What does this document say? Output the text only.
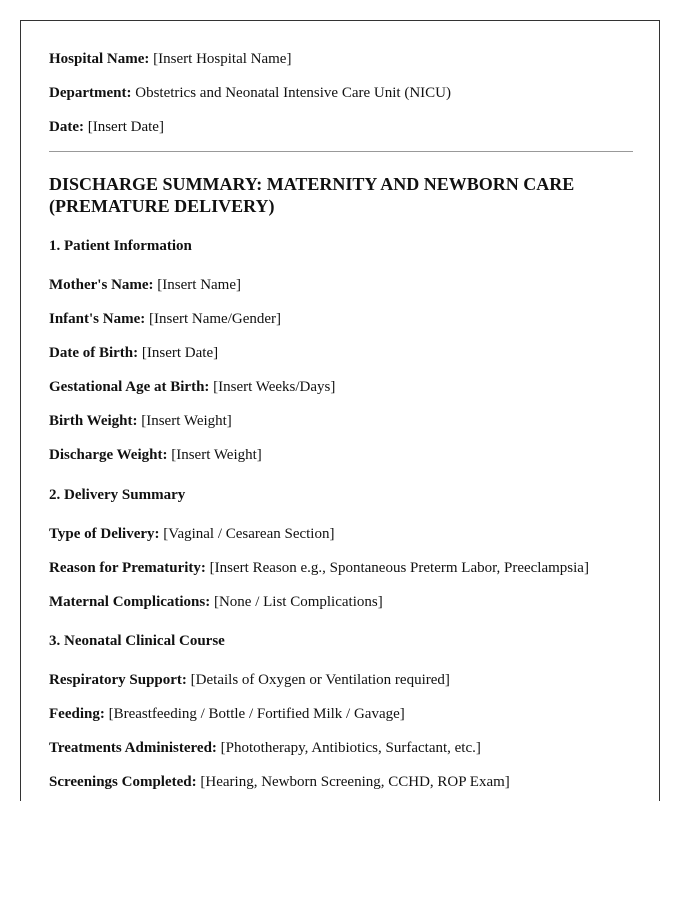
Hospital Name: [Insert Hospital Name]
Department: Obstetrics and Neonatal Intensive Care Unit (NICU)
Date: [Insert Date]
DISCHARGE SUMMARY: MATERNITY AND NEWBORN CARE (PREMATURE DELIVERY)
1. Patient Information
Mother's Name: [Insert Name]
Infant's Name: [Insert Name/Gender]
Date of Birth: [Insert Date]
Gestational Age at Birth: [Insert Weeks/Days]
Birth Weight: [Insert Weight]
Discharge Weight: [Insert Weight]
2. Delivery Summary
Type of Delivery: [Vaginal / Cesarean Section]
Reason for Prematurity: [Insert Reason e.g., Spontaneous Preterm Labor, Preeclampsia]
Maternal Complications: [None / List Complications]
3. Neonatal Clinical Course
Respiratory Support: [Details of Oxygen or Ventilation required]
Feeding: [Breastfeeding / Bottle / Fortified Milk / Gavage]
Treatments Administered: [Phototherapy, Antibiotics, Surfactant, etc.]
Screenings Completed: [Hearing, Newborn Screening, CCHD, ROP Exam]
